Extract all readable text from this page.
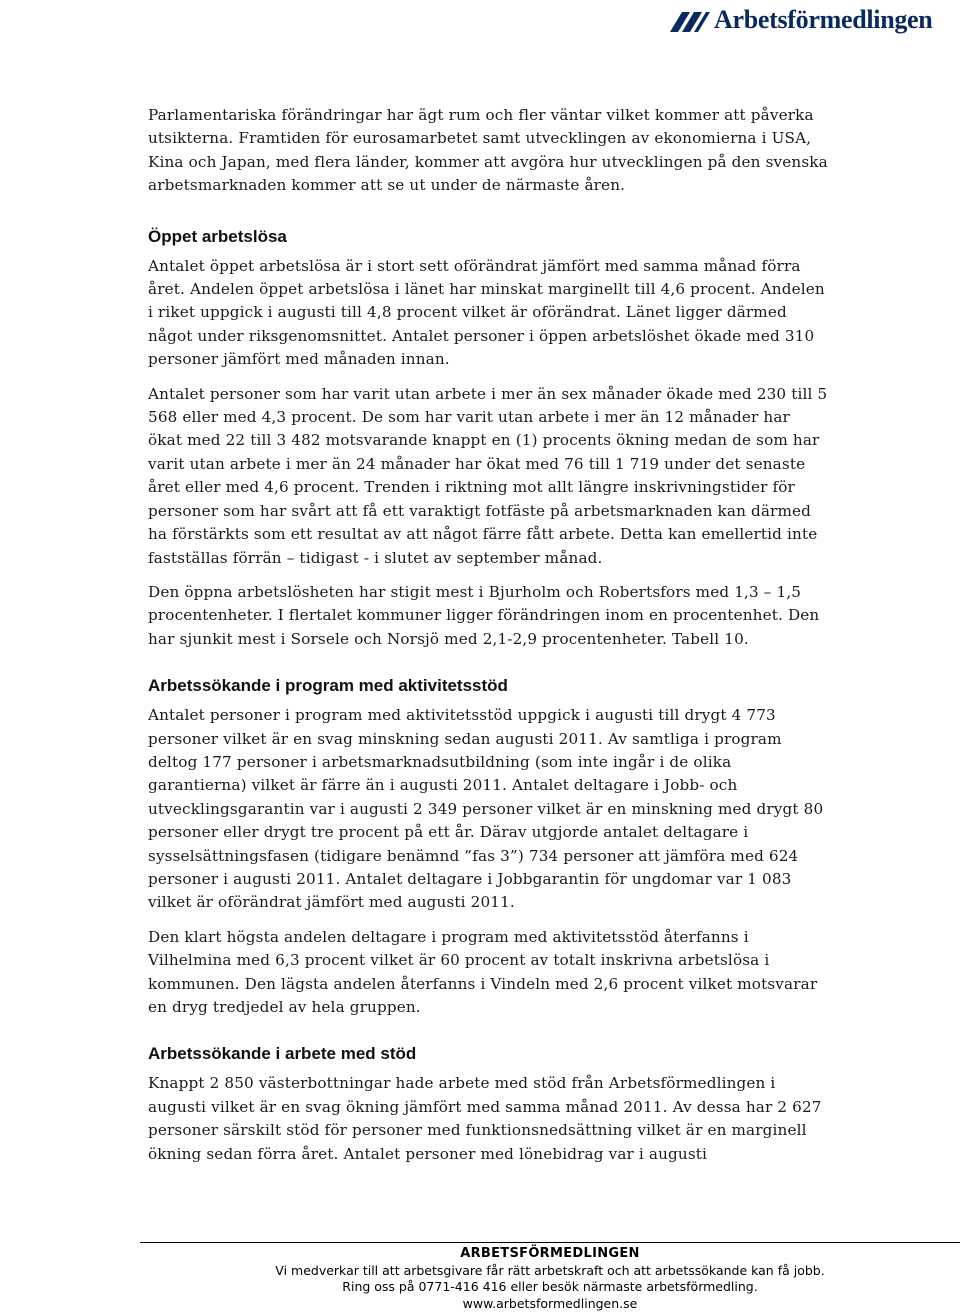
Arbetsförmedlingen

Parlamentariska förändringar har ägt rum och fler väntar vilket kommer att påverka utsikterna. Framtiden för eurosamarbetet samt utvecklingen av ekonomierna i USA, Kina och Japan, med flera länder, kommer att avgöra hur utvecklingen på den svenska arbetsmarknaden kommer att se ut under de närmaste åren.

Öppet arbetslösa

Antalet öppet arbetslösa är i stort sett oförändrat jämfört med samma månad förra året. Andelen öppet arbetslösa i länet har minskat marginellt till 4,6 procent. Andelen i riket uppgick i augusti till 4,8 procent vilket är oförändrat. Länet ligger därmed något under riksgenomsnittet. Antalet personer i öppen arbetslöshet ökade med 310 personer jämfört med månaden innan.

Antalet personer som har varit utan arbete i mer än sex månader ökade med 230 till 5 568 eller med 4,3 procent. De som har varit utan arbete i mer än 12 månader har ökat med 22 till 3 482 motsvarande knappt en (1) procents ökning medan de som har varit utan arbete i mer än 24 månader har ökat med 76 till 1 719 under det senaste året eller med 4,6 procent. Trenden i riktning mot allt längre inskrivningstider för personer som har svårt att få ett varaktigt fotfäste på arbetsmarknaden kan därmed ha förstärkts som ett resultat av att något färre fått arbete. Detta kan emellertid inte fastställas förrän – tidigast - i slutet av september månad.

Den öppna arbetslösheten har stigit mest i Bjurholm och Robertsfors med 1,3 – 1,5 procentenheter. I flertalet kommuner ligger förändringen inom en procentenhet. Den har sjunkit mest i Sorsele och Norsjö med 2,1-2,9 procentenheter. Tabell 10.

Arbetssökande i program med aktivitetsstöd

Antalet personer i program med aktivitetsstöd uppgick i augusti till drygt 4 773 personer vilket är en svag minskning sedan augusti 2011. Av samtliga i program deltog 177 personer i arbetsmarknadsutbildning (som inte ingår i de olika garantierna) vilket är färre än i augusti 2011. Antalet deltagare i Jobb- och utvecklingsgarantin var i augusti 2 349 personer vilket är en minskning med drygt 80 personer eller drygt tre procent på ett år. Därav utgjorde antalet deltagare i sysselsättningsfasen (tidigare benämnd ”fas 3”) 734 personer att jämföra med 624 personer i augusti 2011. Antalet deltagare i Jobbgarantin för ungdomar var 1 083 vilket är oförändrat jämfört med augusti 2011.

Den klart högsta andelen deltagare i program med aktivitetsstöd återfanns i Vilhelmina med 6,3 procent vilket är 60 procent av totalt inskrivna arbetslösa i kommunen. Den lägsta andelen återfanns i Vindeln med 2,6 procent vilket motsvarar en dryg tredjedel av hela gruppen.

Arbetssökande i arbete med stöd

Knappt 2 850 västerbottningar hade arbete med stöd från Arbetsförmedlingen i augusti vilket är en svag ökning jämfört med samma månad 2011. Av dessa har 2 627 personer särskilt stöd för personer med funktionsnedsättning vilket är en marginell ökning sedan förra året. Antalet personer med lönebidrag var i augusti

ARBETSFÖRMEDLINGEN
Vi medverkar till att arbetsgivare får rätt arbetskraft och att arbetssökande kan få jobb.
Ring oss på 0771-416 416 eller besök närmaste arbetsförmedling.
www.arbetsformedlingen.se
